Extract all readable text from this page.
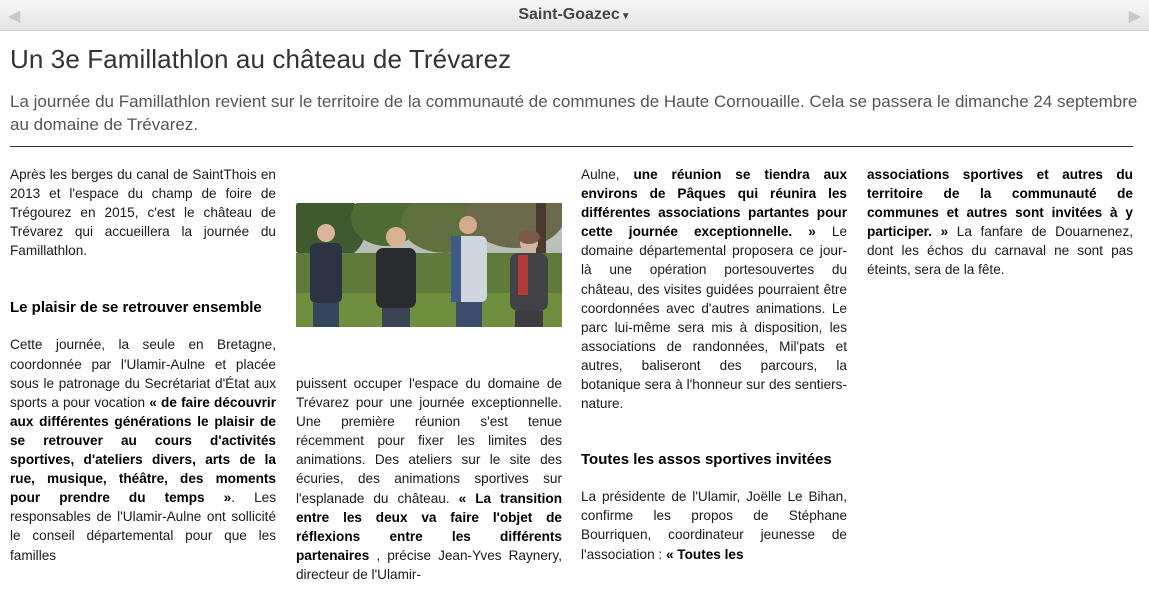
◀	Saint-Goazec▼	▶
Un 3e Famillathlon au château de Trévarez

La journée du Famillathlon revient sur le territoire de la communauté de communes de Haute Cornouaille. Cela se passera le dimanche 24 septembre au domaine de Trévarez.

Après les berges du canal de SaintThois en 2013 et l'espace du champ de foire de Trégourez en 2015, c'est le château de Trévarez qui accueillera la journée du Famillathlon.

Le plaisir de se retrouver ensemble

Cette journée, la seule en Bretagne, coordonnée par l'Ulamir-Aulne et placée sous le patronage du Secrétariat d'État aux sports a pour vocation « de faire découvrir aux différentes générations le plaisir de se retrouver au cours d'activités sportives, d'ateliers divers, arts de la rue, musique, théâtre, des moments pour prendre du temps ». Les responsables de l'Ulamir-Aulne ont sollicité le conseil départemental pour que les familles

puissent occuper l'espace du domaine de Trévarez pour une journée exceptionnelle. Une première réunion s'est tenue récemment pour fixer les limites des animations. Des ateliers sur le site des écuries, des animations sportives sur l'esplanade du château. « La transition entre les deux va faire l'objet de réflexions entre les différents partenaires , précise Jean-Yves Raynery, directeur de l'Ulamir-

Aulne, une réunion se tiendra aux environs de Pâques qui réunira les différentes associations partantes pour cette journée exceptionnelle. » Le domaine départemental proposera ce jour-là une opération portesouvertes du château, des visites guidées pourraient être coordonnées avec d'autres animations. Le parc lui-même sera mis à disposition, les associations de randonnées, Mil'pats et autres, baliseront des parcours, la botanique sera à l'honneur sur des sentiers-nature.

Toutes les assos sportives invitées

La présidente de l'Ulamir, Joëlle Le Bihan, confirme les propos de Stéphane Bourriquen, coordinateur jeunesse de l'association : « Toutes les

associations sportives et autres du territoire de la communauté de communes et autres sont invitées à y participer. » La fanfare de Douarnenez, dont les échos du carnaval ne sont pas éteints, sera de la fête.
